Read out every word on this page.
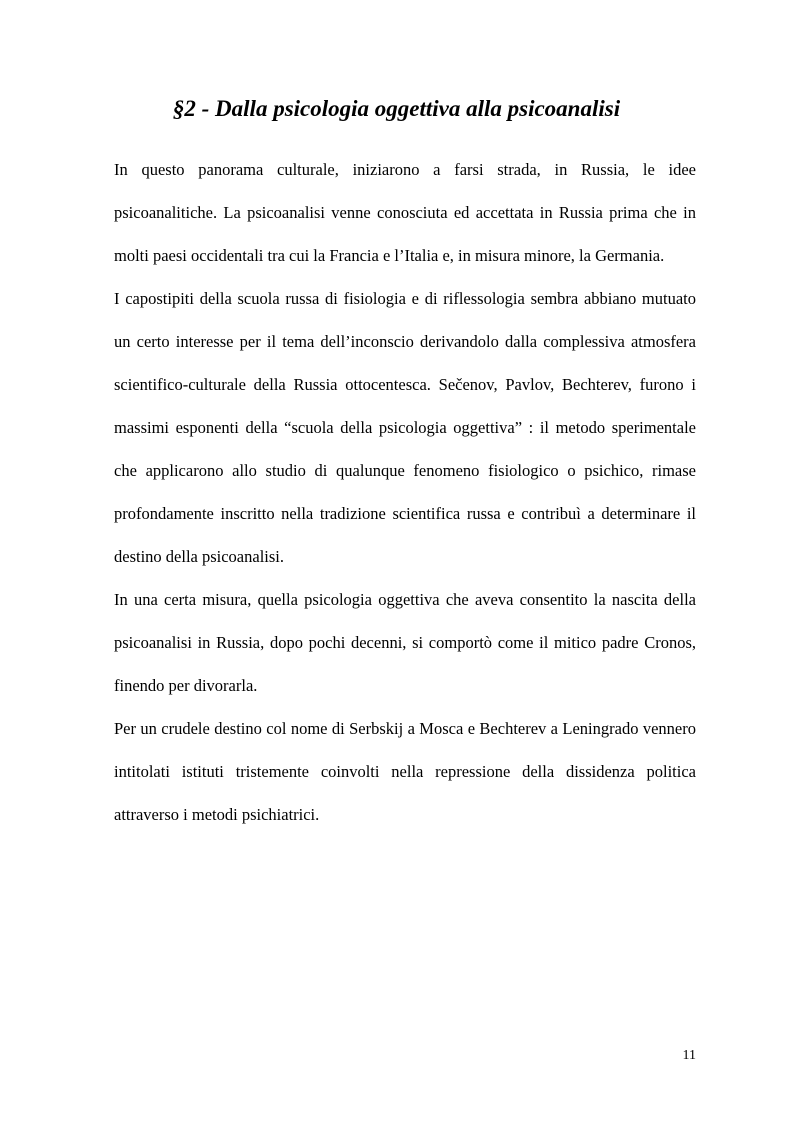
§2 - Dalla psicologia oggettiva alla psicoanalisi

In questo panorama culturale, iniziarono a farsi strada, in Russia, le idee psicoanalitiche. La psicoanalisi venne conosciuta ed accettata in Russia prima che in molti paesi occidentali tra cui la Francia e l’Italia e, in misura minore, la Germania.

I capostipiti della scuola russa di fisiologia e di riflessologia sembra abbiano mutuato un certo interesse per il tema dell’inconscio derivandolo dalla complessiva atmosfera scientifico-culturale della Russia ottocentesca. Sečenov, Pavlov, Bechterev, furono i massimi esponenti della “scuola della psicologia oggettiva” : il metodo sperimentale che applicarono allo studio di qualunque fenomeno fisiologico o psichico, rimase profondamente inscritto nella tradizione scientifica russa e contribuì a determinare il destino della psicoanalisi.

In una certa misura, quella psicologia oggettiva che aveva consentito la nascita della psicoanalisi in Russia, dopo pochi decenni, si comportò come il mitico padre Cronos, finendo per divorarla.

Per un crudele destino col nome di Serbskij a Mosca e Bechterev a Leningrado vennero intitolati istituti tristemente coinvolti nella repressione della dissidenza politica attraverso i metodi psichiatrici.

11
